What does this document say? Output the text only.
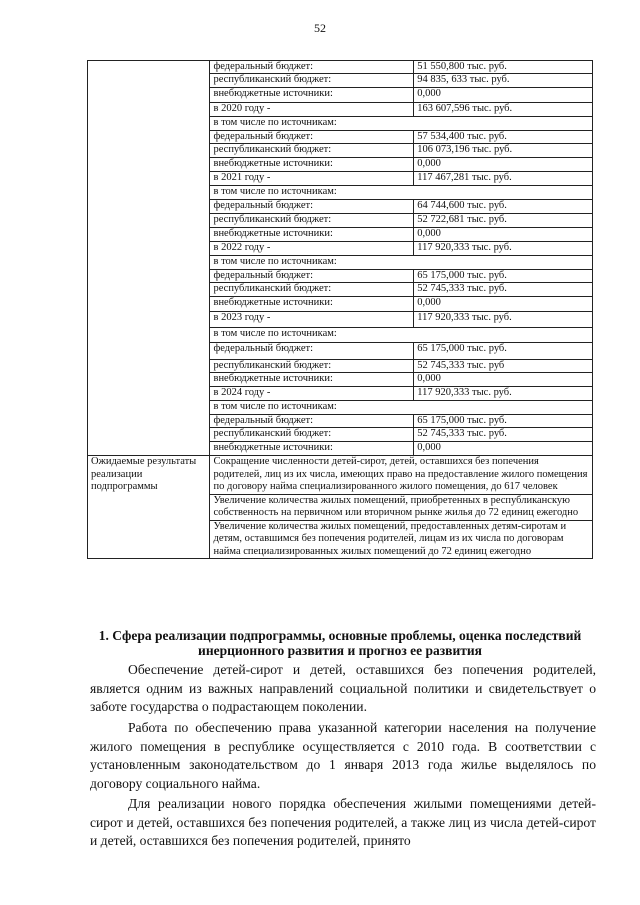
52
	федеральный бюджет:	51 550,800 тыс. руб.
	республиканский бюджет:	94 835, 633 тыс. руб.
	внебюджетные источники:	0,000
	в 2020 году -	163 607,596 тыс. руб.
	в том числе по источникам:	
	федеральный бюджет:	57 534,400 тыс. руб.
	республиканский бюджет:	106 073,196 тыс. руб.
	внебюджетные источники:	0,000
	в 2021 году -	117 467,281 тыс. руб.
	в том числе по источникам:	
	федеральный бюджет:	64 744,600 тыс. руб.
	республиканский бюджет:	52 722,681 тыс. руб.
	внебюджетные источники:	0,000
	в 2022 году -	117 920,333 тыс. руб.
	в том числе по источникам:	
	федеральный бюджет:	65 175,000 тыс. руб.
	республиканский бюджет:	52 745,333 тыс. руб.
	внебюджетные источники:	0,000
	в 2023 году -	117 920,333 тыс. руб.
	в том числе по источникам:	
	федеральный бюджет:	65 175,000 тыс. руб.
	республиканский бюджет:	52 745,333 тыс. руб
	внебюджетные источники:	0,000
	в 2024 году -	117 920,333 тыс. руб.
	в том числе по источникам:	
	федеральный бюджет:	65 175,000 тыс. руб.
	республиканский бюджет:	52 745,333 тыс. руб.
	внебюджетные источники:	0,000
Ожидаемые результаты реализации подпрограммы	Сокращение численности детей-сирот, детей, оставшихся без попечения родителей, лиц из их числа, имеющих право на предоставление жилого помещения по договору найма специализированного жилого помещения, до 617 человек	
	Увеличение количества жилых помещений, приобретенных в республиканскую собственность на первичном или вторичном рынке жилья до 72 единиц ежегодно	
	Увеличение количества жилых помещений, предоставленных детям-сиротам и детям, оставшимся без попечения родителей, лицам из их числа по договорам найма специализированных жилых помещений до 72 единиц ежегодно	
1. Сфера реализации подпрограммы, основные проблемы, оценка последствий инерционного развития и прогноз ее развития
Обеспечение детей-сирот и детей, оставшихся без попечения родителей, является одним из важных направлений социальной политики и свидетельствует о заботе государства о подрастающем поколении.
Работа по обеспечению права указанной категории населения на получение жилого помещения в республике осуществляется с 2010 года. В соответствии с установленным законодательством до 1 января 2013 года жилье выделялось по договору социального найма.
Для реализации нового порядка обеспечения жилыми помещениями детей-сирот и детей, оставшихся без попечения родителей, а также лиц из числа детей-сирот и детей, оставшихся без попечения родителей, принято
